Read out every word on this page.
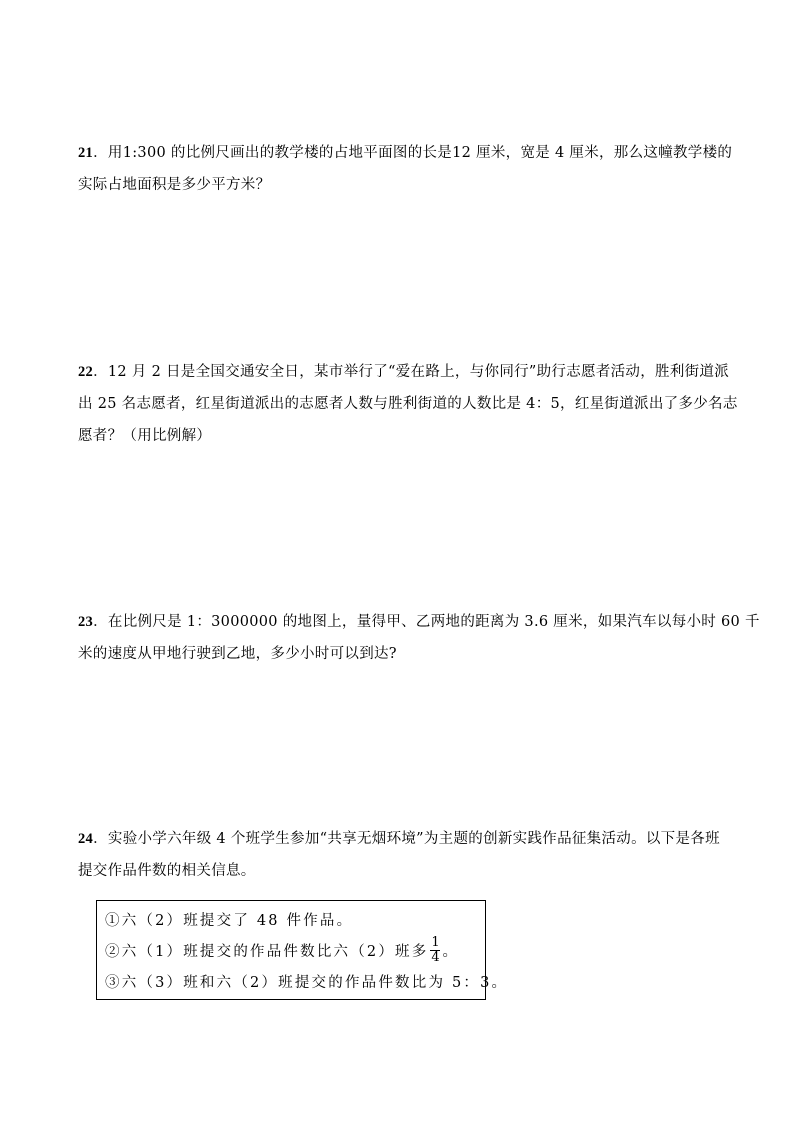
21．用1:300 的比例尺画出的教学楼的占地平面图的长是12 厘米，宽是 4 厘米，那么这幢教学楼的
实际占地面积是多少平方米？
22．12 月 2 日是全国交通安全日，某市举行了“爱在路上，与你同行”助行志愿者活动，胜利街道派
出 25 名志愿者，红星街道派出的志愿者人数与胜利街道的人数比是 4：5，红星街道派出了多少名志
愿者？（用比例解）
23．在比例尺是 1：3000000 的地图上，量得甲、乙两地的距离为 3.6 厘米，如果汽车以每小时 60 千
米的速度从甲地行驶到乙地，多少小时可以到达?
24．实验小学六年级 4 个班学生参加“共享无烟环境”为主题的创新实践作品征集活动。以下是各班
提交作品件数的相关信息。
①六（2）班提交了 48 件作品。
②六（1）班提交的作品件数比六（2）班多 $\frac{1}{4}$ 。
③六（3）班和六（2）班提交的作品件数比为 5：3。
